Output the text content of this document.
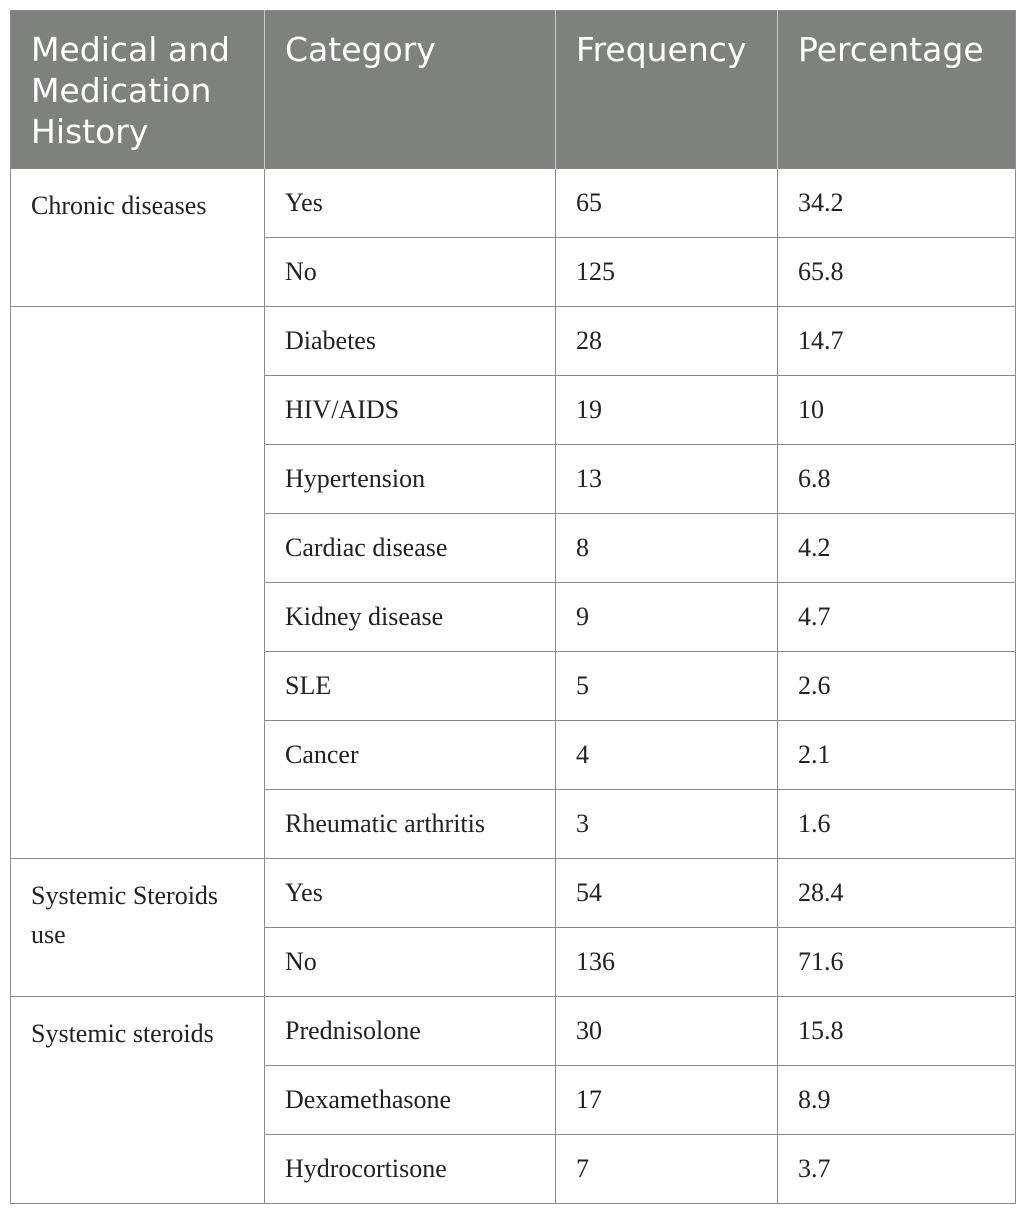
Medical and Medication History	Category	Frequency	Percentage
Chronic diseases	Yes	65	34.2
	No	125	65.8
	Diabetes	28	14.7
	HIV/AIDS	19	10
	Hypertension	13	6.8
	Cardiac disease	8	4.2
	Kidney disease	9	4.7
	SLE	5	2.6
	Cancer	4	2.1
	Rheumatic arthritis	3	1.6
Systemic Steroids use	Yes	54	28.4
	No	136	71.6
Systemic steroids	Prednisolone	30	15.8
	Dexamethasone	17	8.9
	Hydrocortisone	7	3.7
